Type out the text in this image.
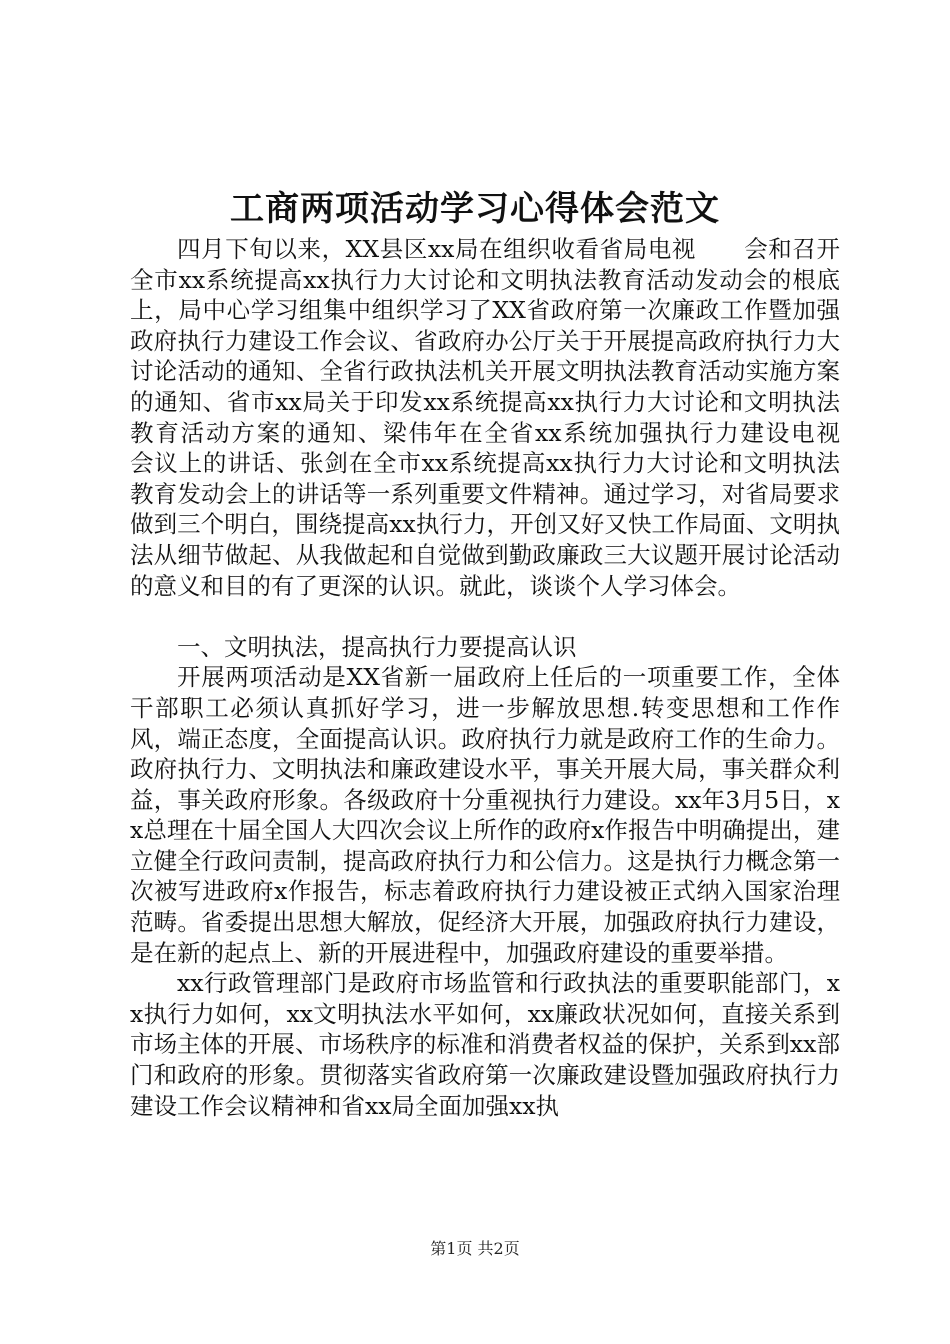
工商两项活动学习心得体会范文

四月下旬以来，XX县区xx局在组织收看省局电视　　会和召开全市xx系统提高xx执行力大讨论和文明执法教育活动发动会的根底上，局中心学习组集中组织学习了XX省政府第一次廉政工作暨加强政府执行力建设工作会议、省政府办公厅关于开展提高政府执行力大讨论活动的通知、全省行政执法机关开展文明执法教育活动实施方案的通知、省市xx局关于印发xx系统提高xx执行力大讨论和文明执法教育活动方案的通知、梁伟年在全省xx系统加强执行力建设电视　　会议上的讲话、张剑在全市xx系统提高xx执行力大讨论和文明执法教育发动会上的讲话等一系列重要文件精神。通过学习，对省局要求做到三个明白，围绕提高xx执行力，开创又好又快工作局面、文明执法从细节做起、从我做起和自觉做到勤政廉政三大议题开展讨论活动的意义和目的有了更深的认识。就此，谈谈个人学习体会。

一、文明执法，提高执行力要提高认识

开展两项活动是XX省新一届政府上任后的一项重要工作，全体干部职工必须认真抓好学习，进一步解放思想.转变思想和工作作风，端正态度，全面提高认识。政府执行力就是政府工作的生命力。政府执行力、文明执法和廉政建设水平，事关开展大局，事关群众利益，事关政府形象。各级政府十分重视执行力建设。xx年3月5日，xx总理在十届全国人大四次会议上所作的政府x作报告中明确提出，建立健全行政问责制，提高政府执行力和公信力。这是执行力概念第一次被写进政府x作报告，标志着政府执行力建设被正式纳入国家治理范畴。省委提出思想大解放，促经济大开展，加强政府执行力建设，是在新的起点上、新的开展进程中，加强政府建设的重要举措。

xx行政管理部门是政府市场监管和行政执法的重要职能部门，xx执行力如何，xx文明执法水平如何，xx廉政状况如何，直接关系到市场主体的开展、市场秩序的标准和消费者权益的保护，关系到xx部门和政府的形象。贯彻落实省政府第一次廉政建设暨加强政府执行力建设工作会议精神和省xx局全面加强xx执

第1页 共2页
